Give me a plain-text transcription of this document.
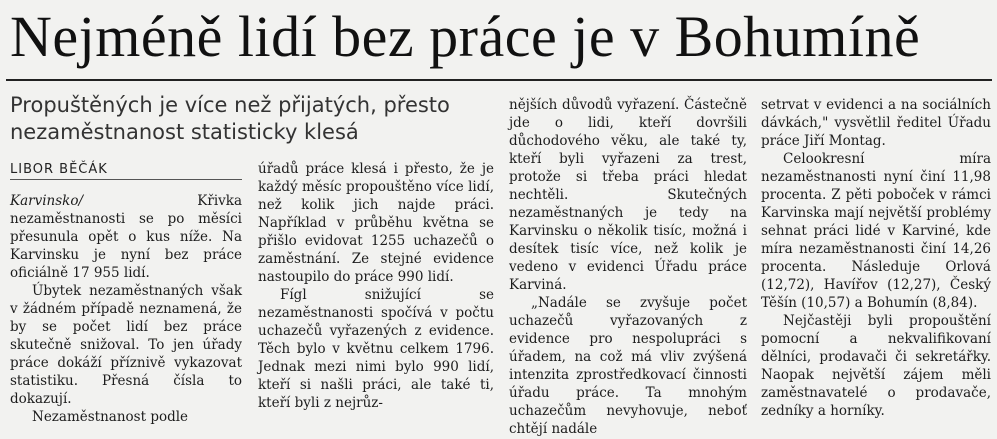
Nejméně lidí bez práce je v Bohumíně
Propuštěných je více než přijatých, přesto nezaměstnanost statisticky klesá
LIBOR BĚČÁK

Karvinsko/ Křivka nezaměstnanosti se po měsíci přesunula opět o kus níže. Na Karvinsku je nyní bez práce oficiálně 17 955 lidí.

Úbytek nezaměstnaných však v žádném případě neznamená, že by se počet lidí bez práce skutečně snižoval. To jen úřady práce dokáží příznivě vykazovat statistiku. Přesná čísla to dokazují.

Nezaměstnanost podle

úřadů práce klesá i přesto, že je každý měsíc propouštěno více lidí, než kolik jich najde práci. Například v průběhu května se přišlo evidovat 1255 uchazečů o zaměstnání. Ze stejné evidence nastoupilo do práce 990 lidí.

Fígl snižující se nezaměstnanosti spočívá v počtu uchazečů vyřazených z evidence. Těch bylo v květnu celkem 1796. Jednak mezi nimi bylo 990 lidí, kteří si našli práci, ale také ti, kteří byli z nejrůz-

nějších důvodů vyřazení. Částečně jde o lidi, kteří dovršili důchodového věku, ale také ty, kteří byli vyřazeni za trest, protože si třeba práci hledat nechtěli. Skutečných nezaměstnaných je tedy na Karvinsku o několik tisíc, možná i desítek tisíc více, než kolik je vedeno v evidenci Úřadu práce Karviná.

„Nadále se zvyšuje počet uchazečů vyřazovaných z evidence pro nespolupráci s úřadem, na což má vliv zvýšená intenzita zprostředkovací činnosti úřadu práce. Ta mnohým uchazečům nevyhovuje, neboť chtějí nadále

setrvat v evidenci a na sociálních dávkách," vysvětlil ředitel Úřadu práce Jiří Montag.

Celookresní míra nezaměstnanosti nyní činí 11,98 procenta. Z pěti poboček v rámci Karvinska mají největší problémy sehnat práci lidé v Karviné, kde míra nezaměstnanosti činí 14,26 procenta. Následuje Orlová (12,72), Havířov (12,27), Český Těšín (10,57) a Bohumín (8,84).

Nejčastěji byli propouštění pomocní a nekvalifikovaní dělníci, prodavači či sekretářky. Naopak největší zájem měli zaměstnavatelé o prodavače, zedníky a horníky.
